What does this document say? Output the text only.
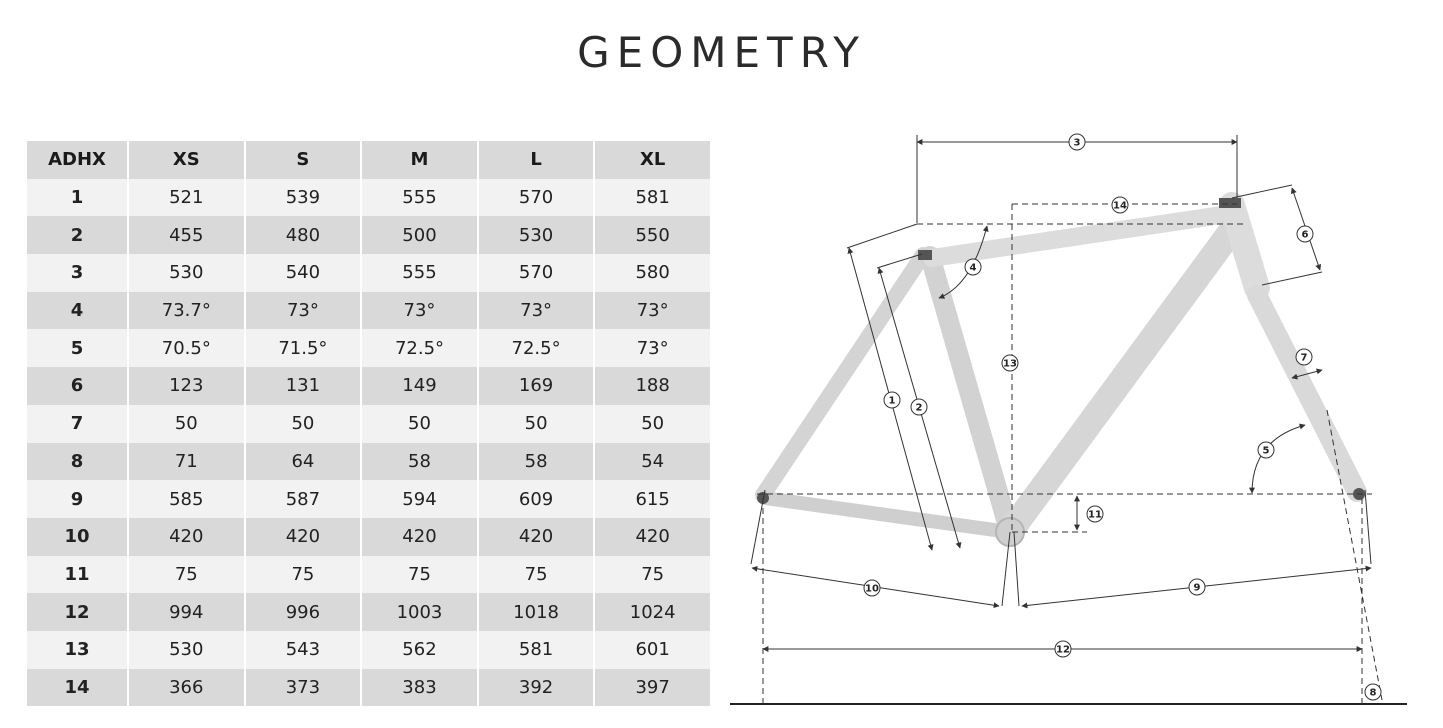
GEOMETRY
ADHX	XS	S	M	L	XL
1	521	539	555	570	581
2	455	480	500	530	550
3	530	540	555	570	580
4	73.7°	73°	73°	73°	73°
5	70.5°	71.5°	72.5°	72.5°	73°
6	123	131	149	169	188
7	50	50	50	50	50
8	71	64	58	58	54
9	585	587	594	609	615
10	420	420	420	420	420
11	75	75	75	75	75
12	994	996	1003	1018	1024
13	530	543	562	581	601
14	366	373	383	392	397
3
14
6
4
13
7
1
2
5
11
10	9
12
8
